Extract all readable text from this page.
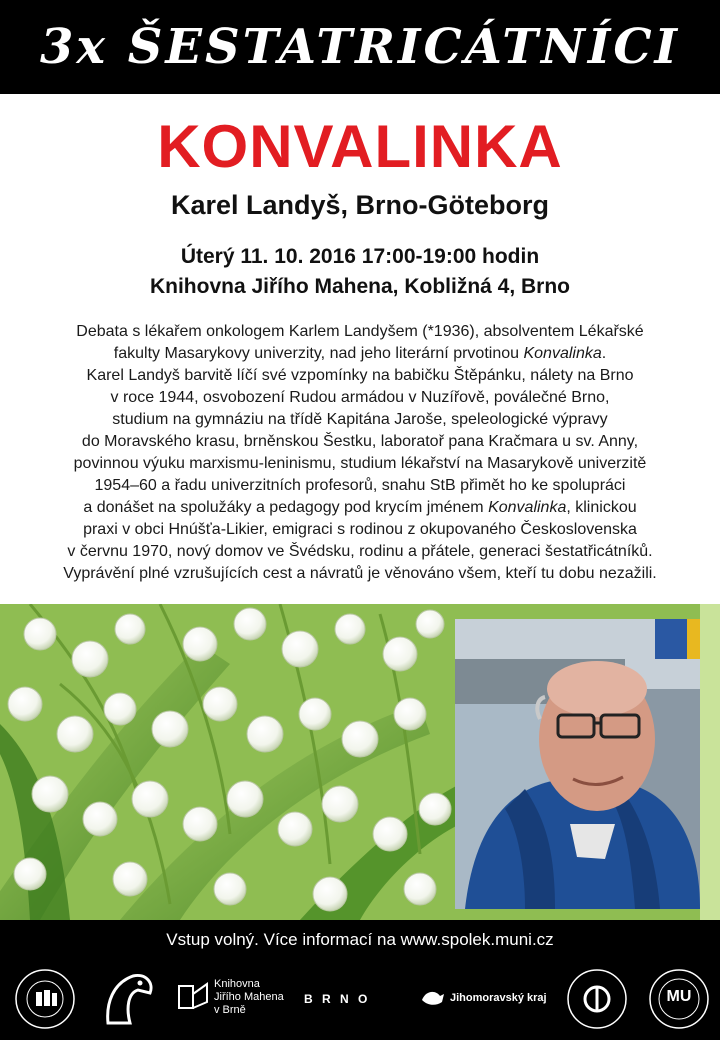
3x ŠESTATRICÁTNÍCI
KONVALINKA
Karel Landyš, Brno-Göteborg
Úterý 11. 10. 2016 17:00-19:00 hodin
Knihovna Jiřího Mahena, Kobližná 4, Brno
Debata s lékařem onkologem Karlem Landyšem (*1936), absolventem Lékařské
fakulty Masarykovy univerzity, nad jeho literární prvotinou Konvalinka.
Karel Landyš barvitě líčí své vzpomínky na babičku Štěpánku, nálety na Brno
v roce 1944, osvobození Rudou armádou v Nuzířově, poválečné Brno,
studium na gymnáziu na třídě Kapitána Jaroše, speleologické výpravy
do Moravského krasu, brněnskou Šestku, laboratoř pana Kračmara u sv. Anny,
povinnou výuku marxismu-leninismu, studium lékařství na Masarykově univerzitě
1954–60 a řadu univerzitních profesorů, snahu StB přimět ho ke spolupráci
a donášet na spolužáky a pedagogy pod krycím jménem Konvalinka, klinickou
praxi v obci Hnúšťa-Likier, emigraci s rodinou z okupovaného Československa
v červnu 1970, nový domov ve Švédsku, rodinu a přátele, generaci šestatřicátníků.
Vyprávění plné vzrušujících cest a návratů je věnováno všem, kteří tu dobu nezažili.
Vstup volný. Více informací na www.spolek.muni.cz
Knihovna
Jiřího Mahena
v Brně
B R N O	Jihomoravský kraj	MU
